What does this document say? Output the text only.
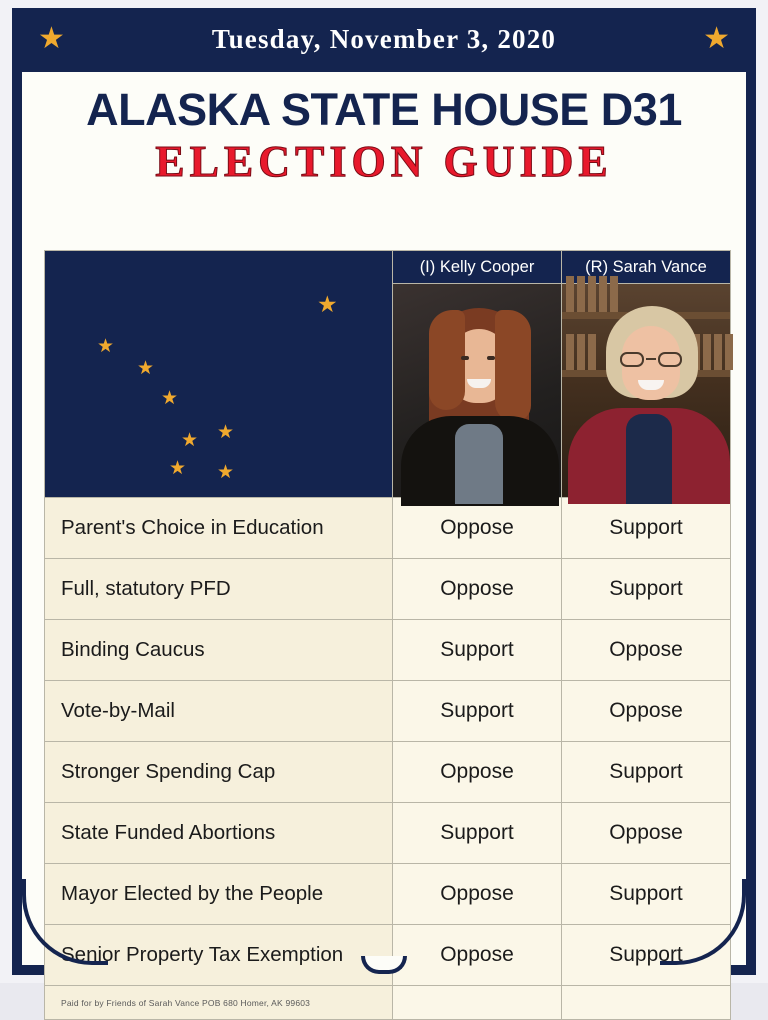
★	Tuesday, November 3, 2020	★
ALASKA STATE HOUSE D31
ELECTION GUIDE
★
★
★
★
★
★
★
★
	(I) Kelly Cooper	(R) Sarah Vance

Parent's Choice in Education	Oppose	Support
Full, statutory PFD	Oppose	Support
Binding Caucus	Support	Oppose
Vote-by-Mail	Support	Oppose
Stronger Spending Cap	Oppose	Support
State Funded Abortions	Support	Oppose
Mayor Elected by the People	Oppose	Support
Senior Property Tax Exemption	Oppose	Support
Paid for by Friends of Sarah Vance POB 680 Homer, AK 99603		
